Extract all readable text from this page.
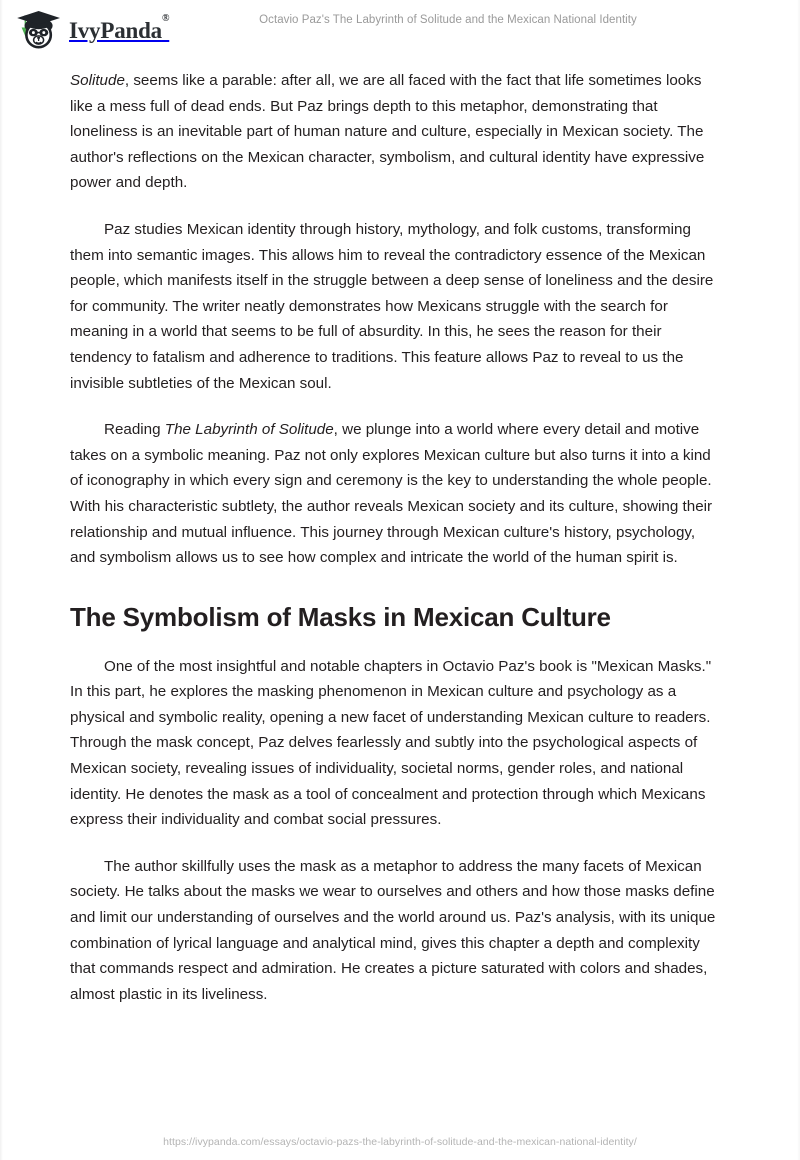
IvyPanda®	Octavio Paz's The Labyrinth of Solitude and the Mexican National Identity

Solitude, seems like a parable: after all, we are all faced with the fact that life sometimes looks like a mess full of dead ends. But Paz brings depth to this metaphor, demonstrating that loneliness is an inevitable part of human nature and culture, especially in Mexican society. The author's reflections on the Mexican character, symbolism, and cultural identity have expressive power and depth.

Paz studies Mexican identity through history, mythology, and folk customs, transforming them into semantic images. This allows him to reveal the contradictory essence of the Mexican people, which manifests itself in the struggle between a deep sense of loneliness and the desire for community. The writer neatly demonstrates how Mexicans struggle with the search for meaning in a world that seems to be full of absurdity. In this, he sees the reason for their tendency to fatalism and adherence to traditions. This feature allows Paz to reveal to us the invisible subtleties of the Mexican soul.

Reading The Labyrinth of Solitude, we plunge into a world where every detail and motive takes on a symbolic meaning. Paz not only explores Mexican culture but also turns it into a kind of iconography in which every sign and ceremony is the key to understanding the whole people. With his characteristic subtlety, the author reveals Mexican society and its culture, showing their relationship and mutual influence. This journey through Mexican culture's history, psychology, and symbolism allows us to see how complex and intricate the world of the human spirit is.

The Symbolism of Masks in Mexican Culture

One of the most insightful and notable chapters in Octavio Paz's book is "Mexican Masks." In this part, he explores the masking phenomenon in Mexican culture and psychology as a physical and symbolic reality, opening a new facet of understanding Mexican culture to readers. Through the mask concept, Paz delves fearlessly and subtly into the psychological aspects of Mexican society, revealing issues of individuality, societal norms, gender roles, and national identity. He denotes the mask as a tool of concealment and protection through which Mexicans express their individuality and combat social pressures.

The author skillfully uses the mask as a metaphor to address the many facets of Mexican society. He talks about the masks we wear to ourselves and others and how those masks define and limit our understanding of ourselves and the world around us. Paz's analysis, with its unique combination of lyrical language and analytical mind, gives this chapter a depth and complexity that commands respect and admiration. He creates a picture saturated with colors and shades, almost plastic in its liveliness.

https://ivypanda.com/essays/octavio-pazs-the-labyrinth-of-solitude-and-the-mexican-national-identity/
